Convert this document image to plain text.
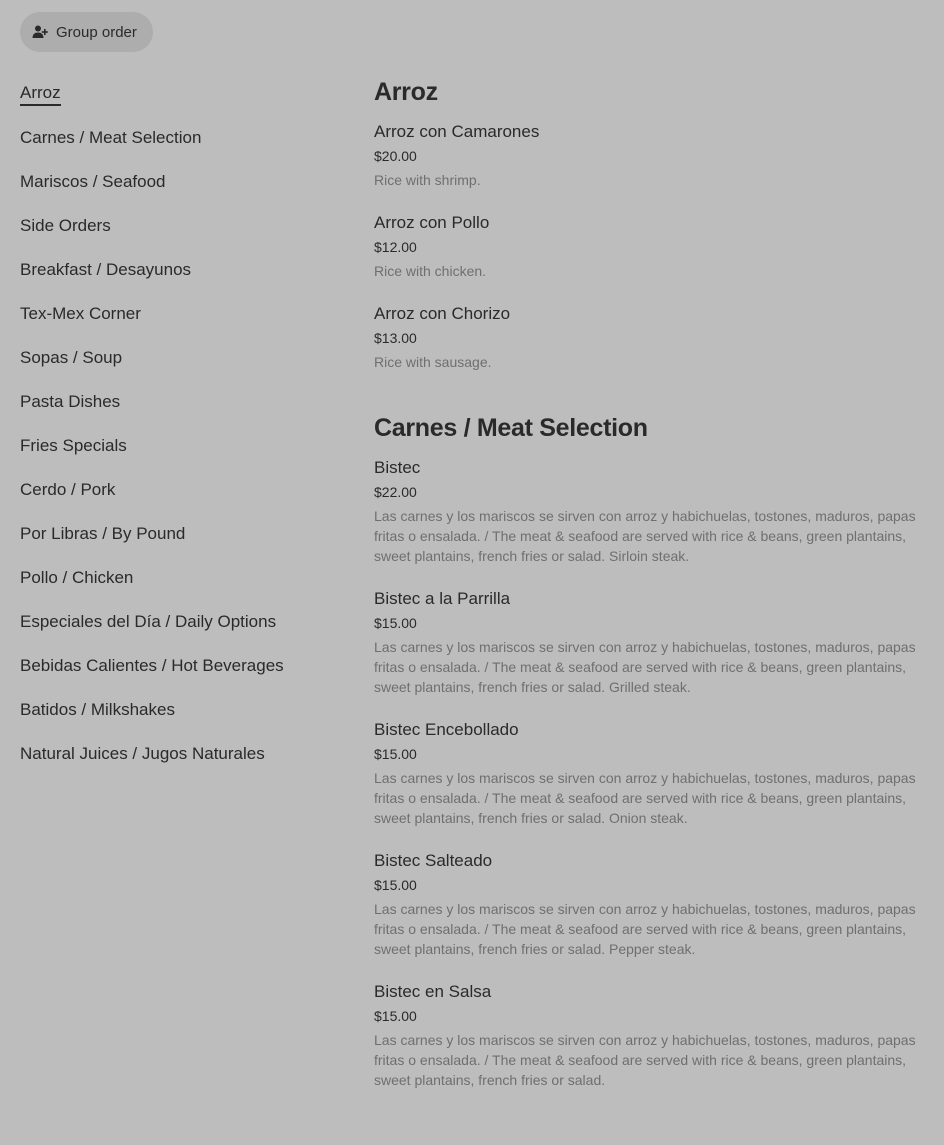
Group order
Arroz
Carnes / Meat Selection
Mariscos / Seafood
Side Orders
Breakfast / Desayunos
Tex-Mex Corner
Sopas / Soup
Pasta Dishes
Fries Specials
Cerdo / Pork
Por Libras / By Pound
Pollo / Chicken
Especiales del Día / Daily Options
Bebidas Calientes / Hot Beverages
Batidos / Milkshakes
Natural Juices / Jugos Naturales
Arroz
Arroz con Camarones
$20.00
Rice with shrimp.
Arroz con Pollo
$12.00
Rice with chicken.
Arroz con Chorizo
$13.00
Rice with sausage.
Carnes / Meat Selection
Bistec
$22.00
Las carnes y los mariscos se sirven con arroz y habichuelas, tostones, maduros, papas fritas o ensalada. / The meat & seafood are served with rice & beans, green plantains, sweet plantains, french fries or salad. Sirloin steak.
Bistec a la Parrilla
$15.00
Las carnes y los mariscos se sirven con arroz y habichuelas, tostones, maduros, papas fritas o ensalada. / The meat & seafood are served with rice & beans, green plantains, sweet plantains, french fries or salad. Grilled steak.
Bistec Encebollado
$15.00
Las carnes y los mariscos se sirven con arroz y habichuelas, tostones, maduros, papas fritas o ensalada. / The meat & seafood are served with rice & beans, green plantains, sweet plantains, french fries or salad. Onion steak.
Bistec Salteado
$15.00
Las carnes y los mariscos se sirven con arroz y habichuelas, tostones, maduros, papas fritas o ensalada. / The meat & seafood are served with rice & beans, green plantains, sweet plantains, french fries or salad. Pepper steak.
Bistec en Salsa
$15.00
Las carnes y los mariscos se sirven con arroz y habichuelas, tostones, maduros, papas fritas o ensalada. / The meat & seafood are served with rice & beans, green plantains, sweet plantains, french fries or salad.
